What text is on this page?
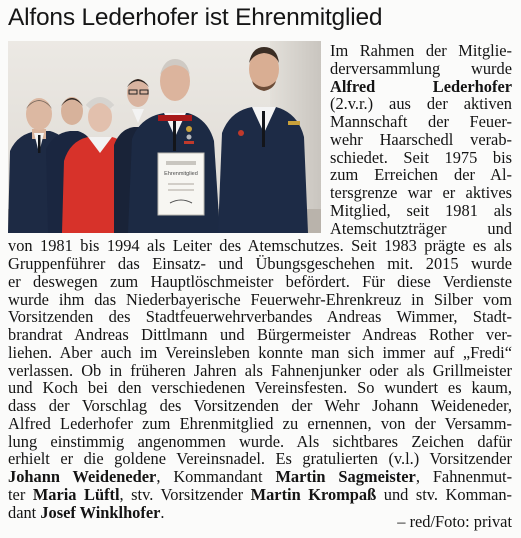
Alfons Lederhofer ist Ehrenmitglied
Ehrenmitglied
Im Rahmen der Mitglie-
derversammlung wurde
Alfred	Lederhofer
(2.v.r.) aus der aktiven
Mannschaft der Feuer-
wehr Haarschedl verab-
schiedet. Seit 1975 bis
zum Erreichen der Al-
tersgrenze war er aktives
Mitglied, seit 1981 als
Atemschutzträger und
von 1981 bis 1994 als Leiter des Atemschutzes. Seit 1983 prägte es als
Gruppenführer das Einsatz- und Übungsgeschehen mit. 2015 wurde
er deswegen zum Hauptlöschmeister befördert. Für diese Verdienste
wurde ihm das Niederbayerische Feuerwehr-Ehrenkreuz in Silber vom
Vorsitzenden des Stadtfeuerwehrverbandes Andreas Wimmer, Stadt-
brandrat Andreas Dittlmann und Bürgermeister Andreas Rother ver-
liehen. Aber auch im Vereinsleben konnte man sich immer auf „Fredi“
verlassen. Ob in früheren Jahren als Fahnenjunker oder als Grillmeister
und Koch bei den verschiedenen Vereinsfesten. So wundert es kaum,
dass der Vorschlag des Vorsitzenden der Wehr Johann Weideneder,
Alfred Lederhofer zum Ehrenmitglied zu ernennen, von der Versamm-
lung einstimmig angenommen wurde. Als sichtbares Zeichen dafür
erhielt er die goldene Vereinsnadel. Es gratulierten (v.l.) Vorsitzender
Johann Weideneder, Kommandant Martin Sagmeister, Fahnenmut-
ter Maria Lüftl, stv. Vorsitzender Martin Krompaß und stv. Komman-
dant Josef Winklhofer.	– red/Foto: privat
